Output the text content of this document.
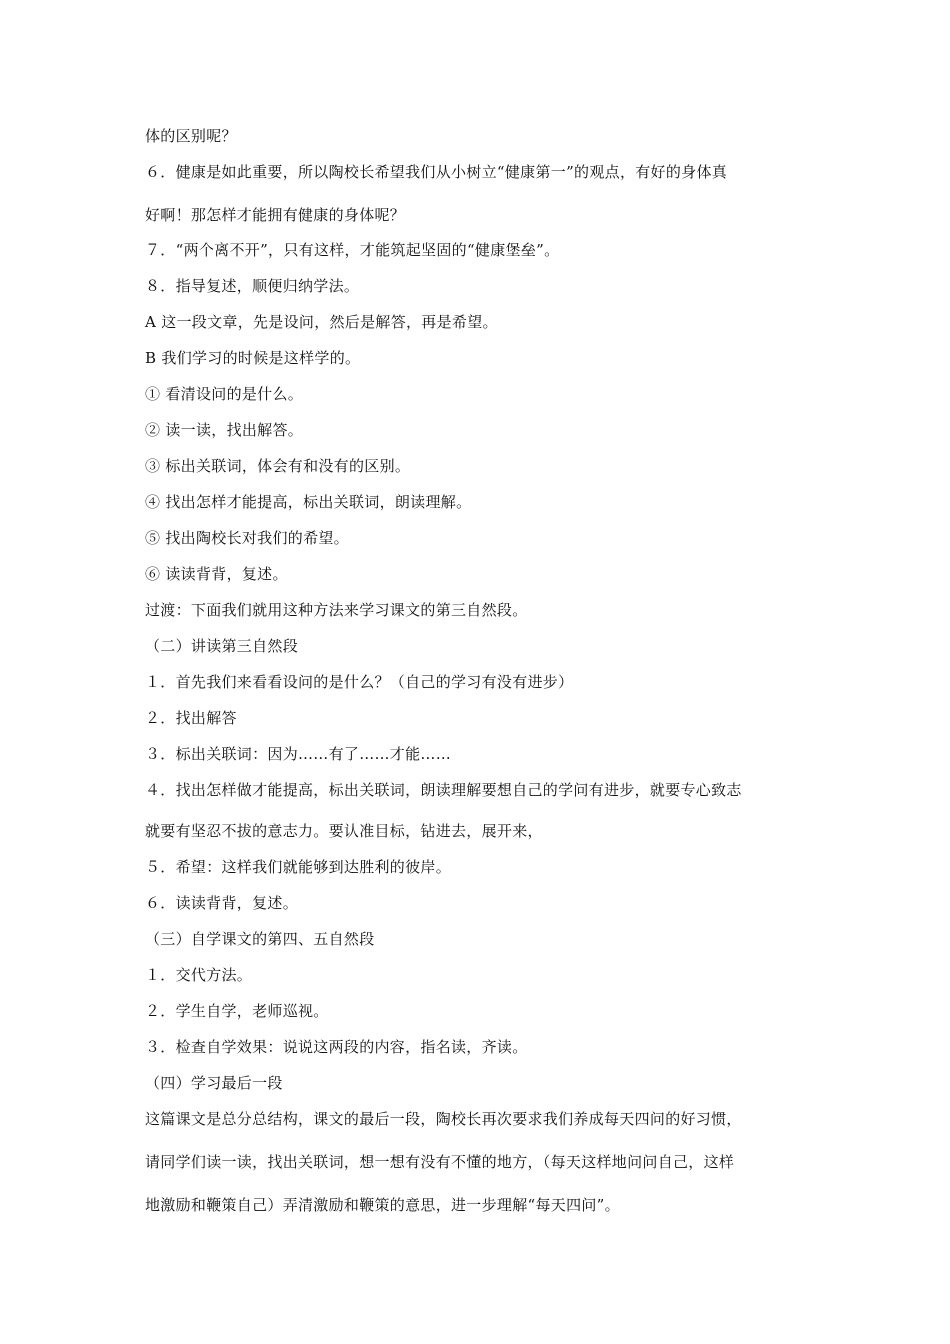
体的区别呢？
６．健康是如此重要，所以陶校长希望我们从小树立“健康第一”的观点，有好的身体真
好啊！那怎样才能拥有健康的身体呢？
７．“两个离不开”，只有这样，才能筑起坚固的“健康堡垒”。
８．指导复述，顺便归纳学法。
A 这一段文章，先是设问，然后是解答，再是希望。
B 我们学习的时候是这样学的。
① 看清设问的是什么。
② 读一读，找出解答。
③ 标出关联词，体会有和没有的区别。
④ 找出怎样才能提高，标出关联词，朗读理解。
⑤ 找出陶校长对我们的希望。
⑥ 读读背背，复述。
过渡：下面我们就用这种方法来学习课文的第三自然段。
（二）讲读第三自然段
１．首先我们来看看设问的是什么？（自己的学习有没有进步）
２．找出解答
３．标出关联词：因为……有了……才能……
４．找出怎样做才能提高，标出关联词，朗读理解要想自己的学问有进步，就要专心致志
就要有坚忍不拔的意志力。要认准目标，钻进去，展开来，
５．希望：这样我们就能够到达胜利的彼岸。
６．读读背背，复述。
（三）自学课文的第四、五自然段
１．交代方法。
２．学生自学，老师巡视。
３．检查自学效果：说说这两段的内容，指名读，齐读。
（四）学习最后一段
这篇课文是总分总结构，课文的最后一段，陶校长再次要求我们养成每天四问的好习惯，
请同学们读一读，找出关联词，想一想有没有不懂的地方，（每天这样地问问自己，这样
地激励和鞭策自己）弄清激励和鞭策的意思，进一步理解“每天四问”。
